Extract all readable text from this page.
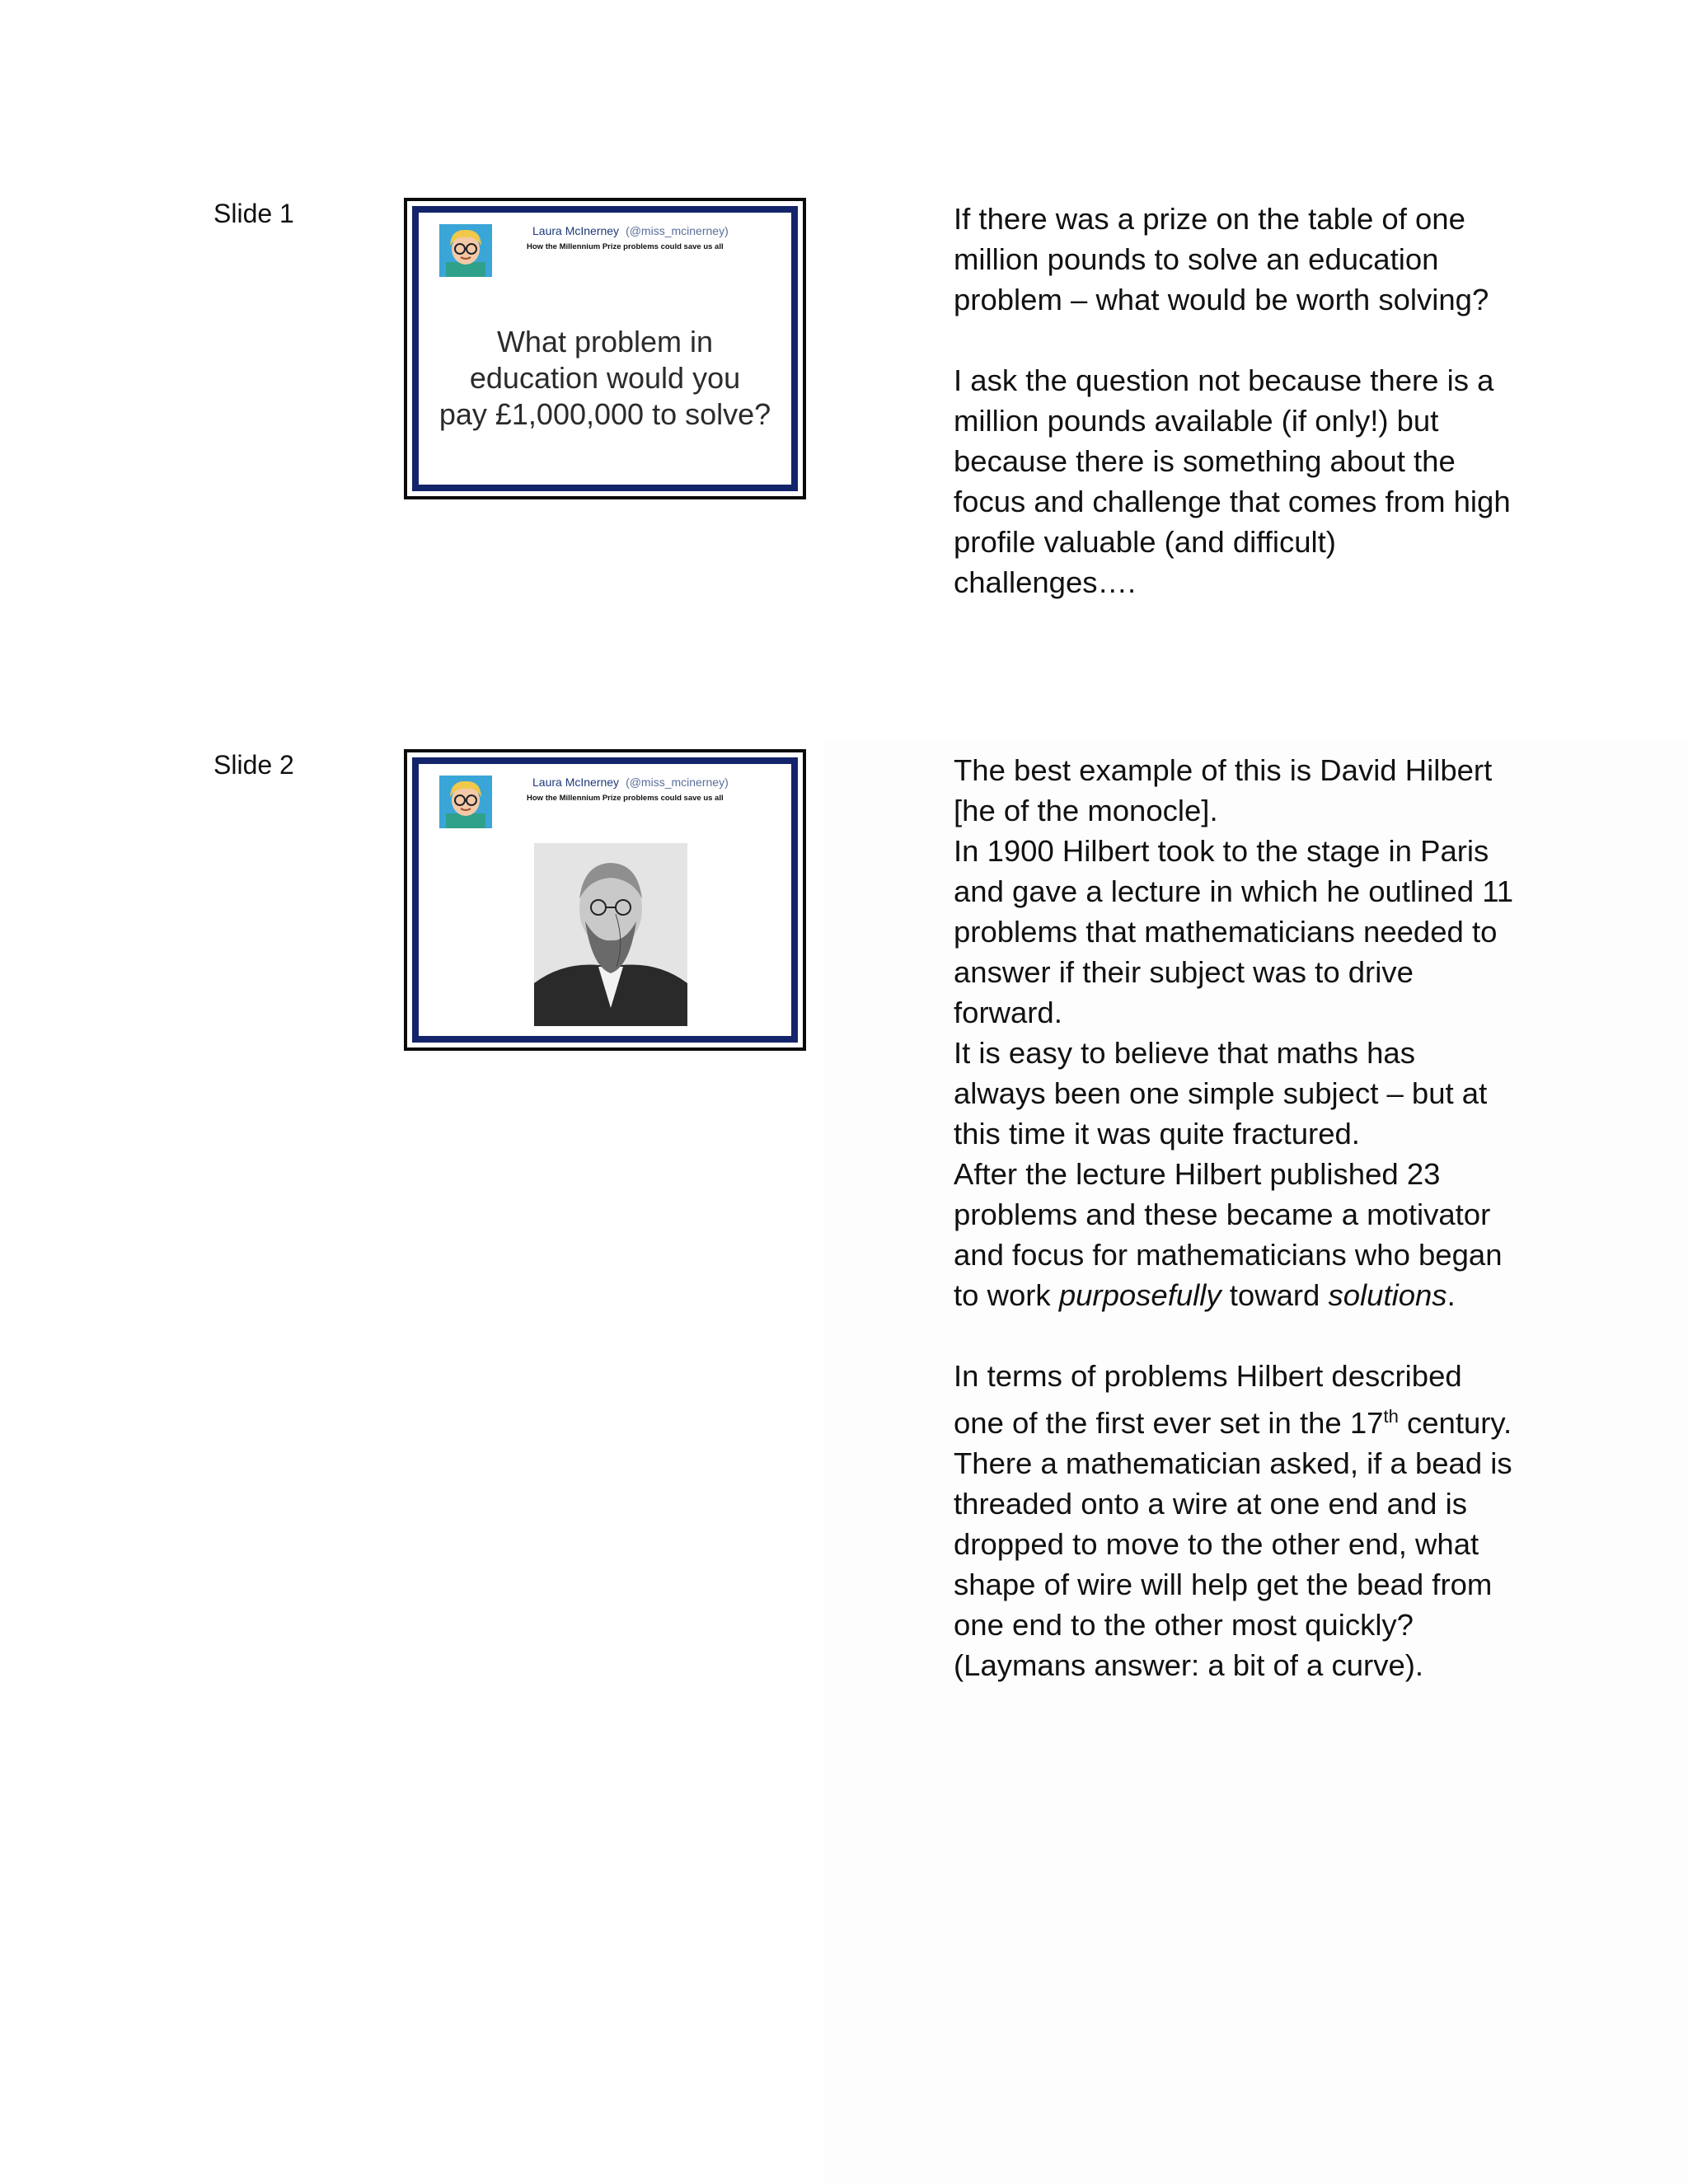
Slide 1
Laura McInerney (@miss_mcinerney)
How the Millennium Prize problems could save us all
What problem in
education would you
pay £1,000,000 to solve?

If there was a prize on the table of one million pounds to solve an education problem – what would be worth solving?

I ask the question not because there is a million pounds available (if only!) but because there is something about the focus and challenge that comes from high profile valuable (and difficult) challenges….

Slide 2
Laura McInerney (@miss_mcinerney)
How the Millennium Prize problems could save us all

The best example of this is David Hilbert [he of the monocle].

In 1900 Hilbert took to the stage in Paris and gave a lecture in which he outlined 11 problems that mathematicians needed to answer if their subject was to drive forward.

It is easy to believe that maths has always been one simple subject – but at this time it was quite fractured.

After the lecture Hilbert published 23 problems and these became a motivator and focus for mathematicians who began to work purposefully toward solutions.

In terms of problems Hilbert described one of the first ever set in the 17th century. There a mathematician asked, if a bead is threaded onto a wire at one end and is dropped to move to the other end, what shape of wire will help get the bead from one end to the other most quickly? (Laymans answer: a bit of a curve).
